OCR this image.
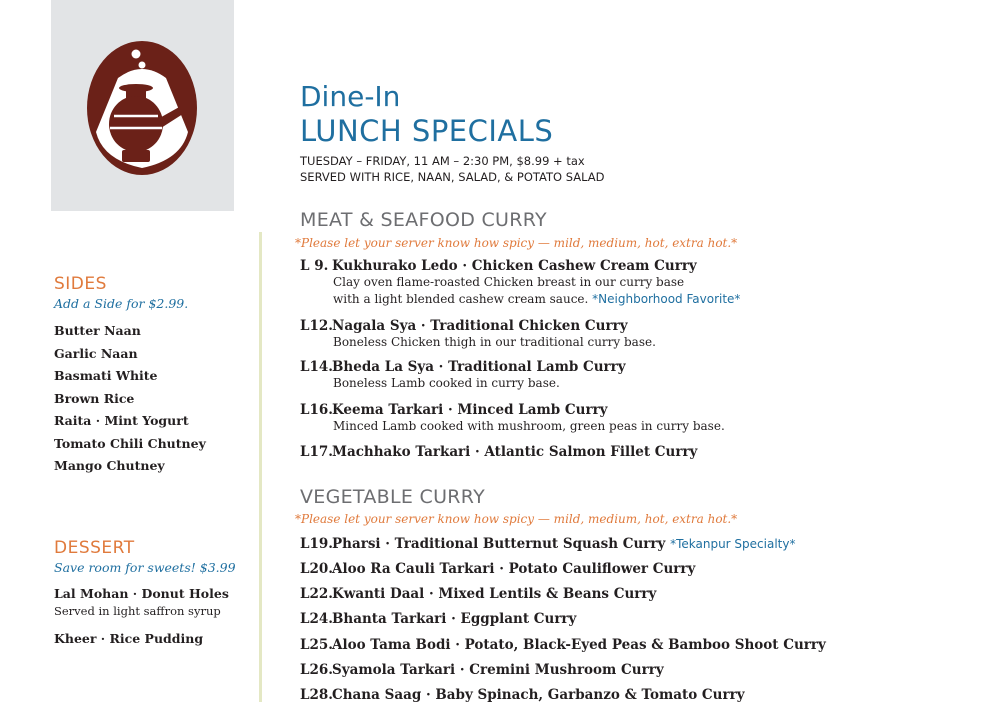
SIDES
Add a Side for $2.99.
Butter Naan
Garlic Naan
Basmati White
Brown Rice
Raita · Mint Yogurt
Tomato Chili Chutney
Mango Chutney
DESSERT
Save room for sweets! $3.99
Lal Mohan · Donut Holes
Served in light saffron syrup
Kheer · Rice Pudding
Dine-In
LUNCH SPECIALS
TUESDAY – FRIDAY, 11 AM – 2:30 PM, $8.99 + tax
SERVED WITH RICE, NAAN, SALAD, & POTATO SALAD
MEAT & SEAFOOD CURRY
*Please let your server know how spicy — mild, medium, hot, extra hot.*
L 9. Kukhurako Ledo · Chicken Cashew Cream Curry
Clay oven flame-roasted Chicken breast in our curry base
with a light blended cashew cream sauce. *Neighborhood Favorite*
L12.Nagala Sya · Traditional Chicken Curry
Boneless Chicken thigh in our traditional curry base.
L14.Bheda La Sya · Traditional Lamb Curry
Boneless Lamb cooked in curry base.
L16.Keema Tarkari · Minced Lamb Curry
Minced Lamb cooked with mushroom, green peas in curry base.
L17.Machhako Tarkari · Atlantic Salmon Fillet Curry
VEGETABLE CURRY
*Please let your server know how spicy — mild, medium, hot, extra hot.*
L19.Pharsi · Traditional Butternut Squash Curry *Tekanpur Specialty*
L20.Aloo Ra Cauli Tarkari · Potato Cauliflower Curry
L22.Kwanti Daal · Mixed Lentils & Beans Curry
L24.Bhanta Tarkari · Eggplant Curry
L25.Aloo Tama Bodi · Potato, Black-Eyed Peas & Bamboo Shoot Curry
L26.Syamola Tarkari · Cremini Mushroom Curry
L28.Chana Saag · Baby Spinach, Garbanzo & Tomato Curry
